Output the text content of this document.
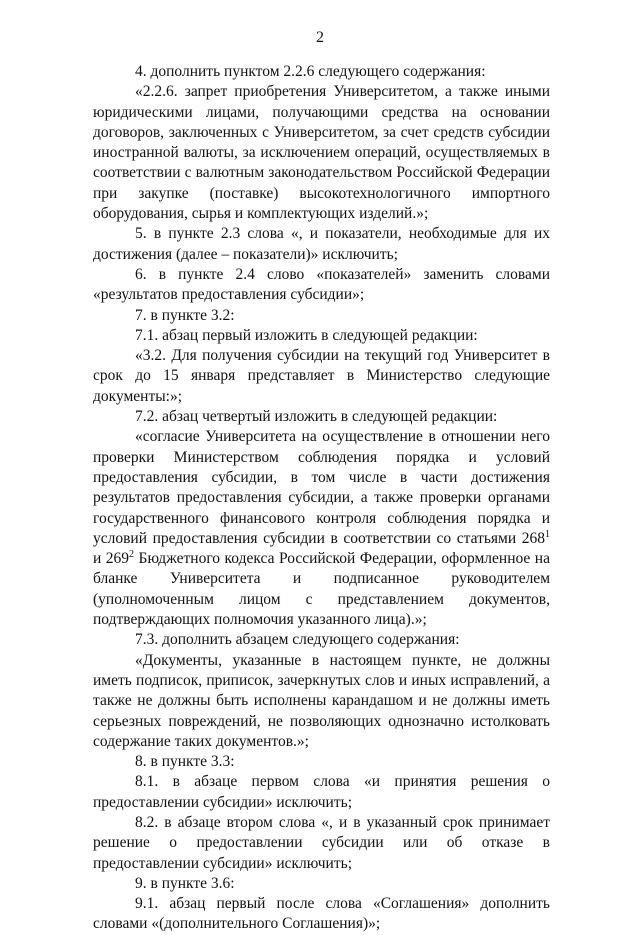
2

4. дополнить пунктом 2.2.6 следующего содержания:

«2.2.6. запрет приобретения Университетом, а также иными юридическими лицами, получающими средства на основании договоров, заключенных с Университетом, за счет средств субсидии иностранной валюты, за исключением операций, осуществляемых в соответствии с валютным законодательством Российской Федерации при закупке (поставке) высокотехнологичного импортного оборудования, сырья и комплектующих изделий.»;

5. в пункте 2.3 слова «, и показатели, необходимые для их достижения (далее – показатели)» исключить;

6. в пункте 2.4 слово «показателей» заменить словами «результатов предоставления субсидии»;

7. в пункте 3.2:

7.1. абзац первый изложить в следующей редакции:

«3.2. Для получения субсидии на текущий год Университет в срок до 15 января представляет в Министерство следующие документы:»;

7.2. абзац четвертый изложить в следующей редакции:

«согласие Университета на осуществление в отношении него проверки Министерством соблюдения порядка и условий предоставления субсидии, в том числе в части достижения результатов предоставления субсидии, а также проверки органами государственного финансового контроля соблюдения порядка и условий предоставления субсидии в соответствии со статьями $268^1$ и $269^2$ Бюджетного кодекса Российской Федерации, оформленное на бланке Университета и подписанное руководителем (уполномоченным лицом с представлением документов, подтверждающих полномочия указанного лица).»;

7.3. дополнить абзацем следующего содержания:

«Документы, указанные в настоящем пункте, не должны иметь подписок, приписок, зачеркнутых слов и иных исправлений, а также не должны быть исполнены карандашом и не должны иметь серьезных повреждений, не позволяющих однозначно истолковать содержание таких документов.»;

8. в пункте 3.3:

8.1. в абзаце первом слова «и принятия решения о предоставлении субсидии» исключить;

8.2. в абзаце втором слова «, и в указанный срок принимает решение о предоставлении субсидии или об отказе в предоставлении субсидии» исключить;

9. в пункте 3.6:

9.1. абзац первый после слова «Соглашения» дополнить словами «(дополнительного Соглашения)»;
